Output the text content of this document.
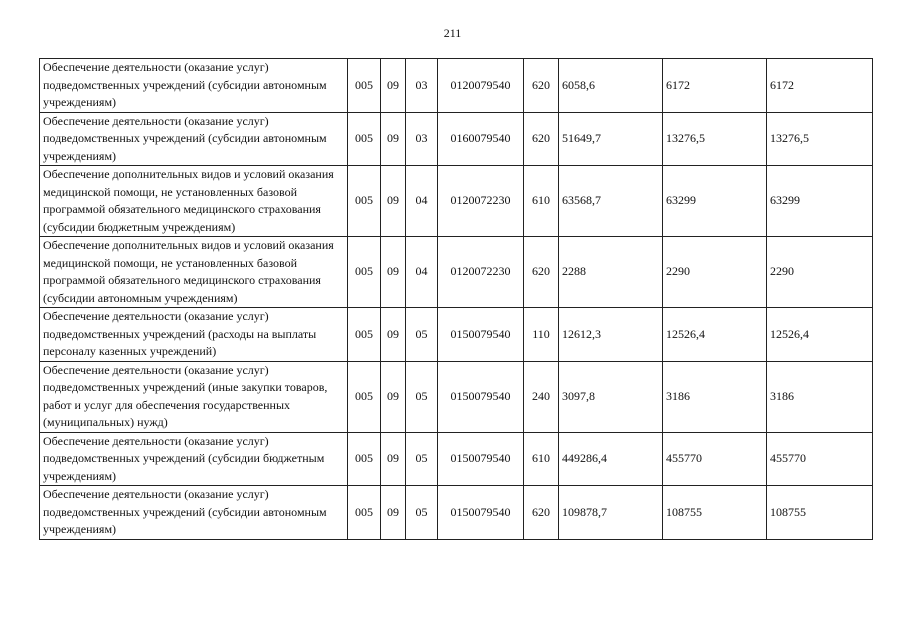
211
Обеспечение деятельности (оказание услуг) подведомственных учреждений (субсидии автономным учреждениям)	005	09	03	0120079540	620	6058,6	6172	6172
Обеспечение деятельности (оказание услуг) подведомственных учреждений (субсидии автономным учреждениям)	005	09	03	0160079540	620	51649,7	13276,5	13276,5
Обеспечение дополнительных видов и условий оказания медицинской помощи, не установленных базовой программой обязательного медицинского страхования (субсидии бюджетным учреждениям)	005	09	04	0120072230	610	63568,7	63299	63299
Обеспечение дополнительных видов и условий оказания медицинской помощи, не установленных базовой программой обязательного медицинского страхования (субсидии автономным учреждениям)	005	09	04	0120072230	620	2288	2290	2290
Обеспечение деятельности (оказание услуг) подведомственных учреждений (расходы на выплаты персоналу казенных учреждений)	005	09	05	0150079540	110	12612,3	12526,4	12526,4
Обеспечение деятельности (оказание услуг) подведомственных учреждений (иные закупки товаров, работ и услуг для обеспечения государственных (муниципальных) нужд)	005	09	05	0150079540	240	3097,8	3186	3186
Обеспечение деятельности (оказание услуг) подведомственных учреждений (субсидии бюджетным учреждениям)	005	09	05	0150079540	610	449286,4	455770	455770
Обеспечение деятельности (оказание услуг) подведомственных учреждений (субсидии автономным учреждениям)	005	09	05	0150079540	620	109878,7	108755	108755
